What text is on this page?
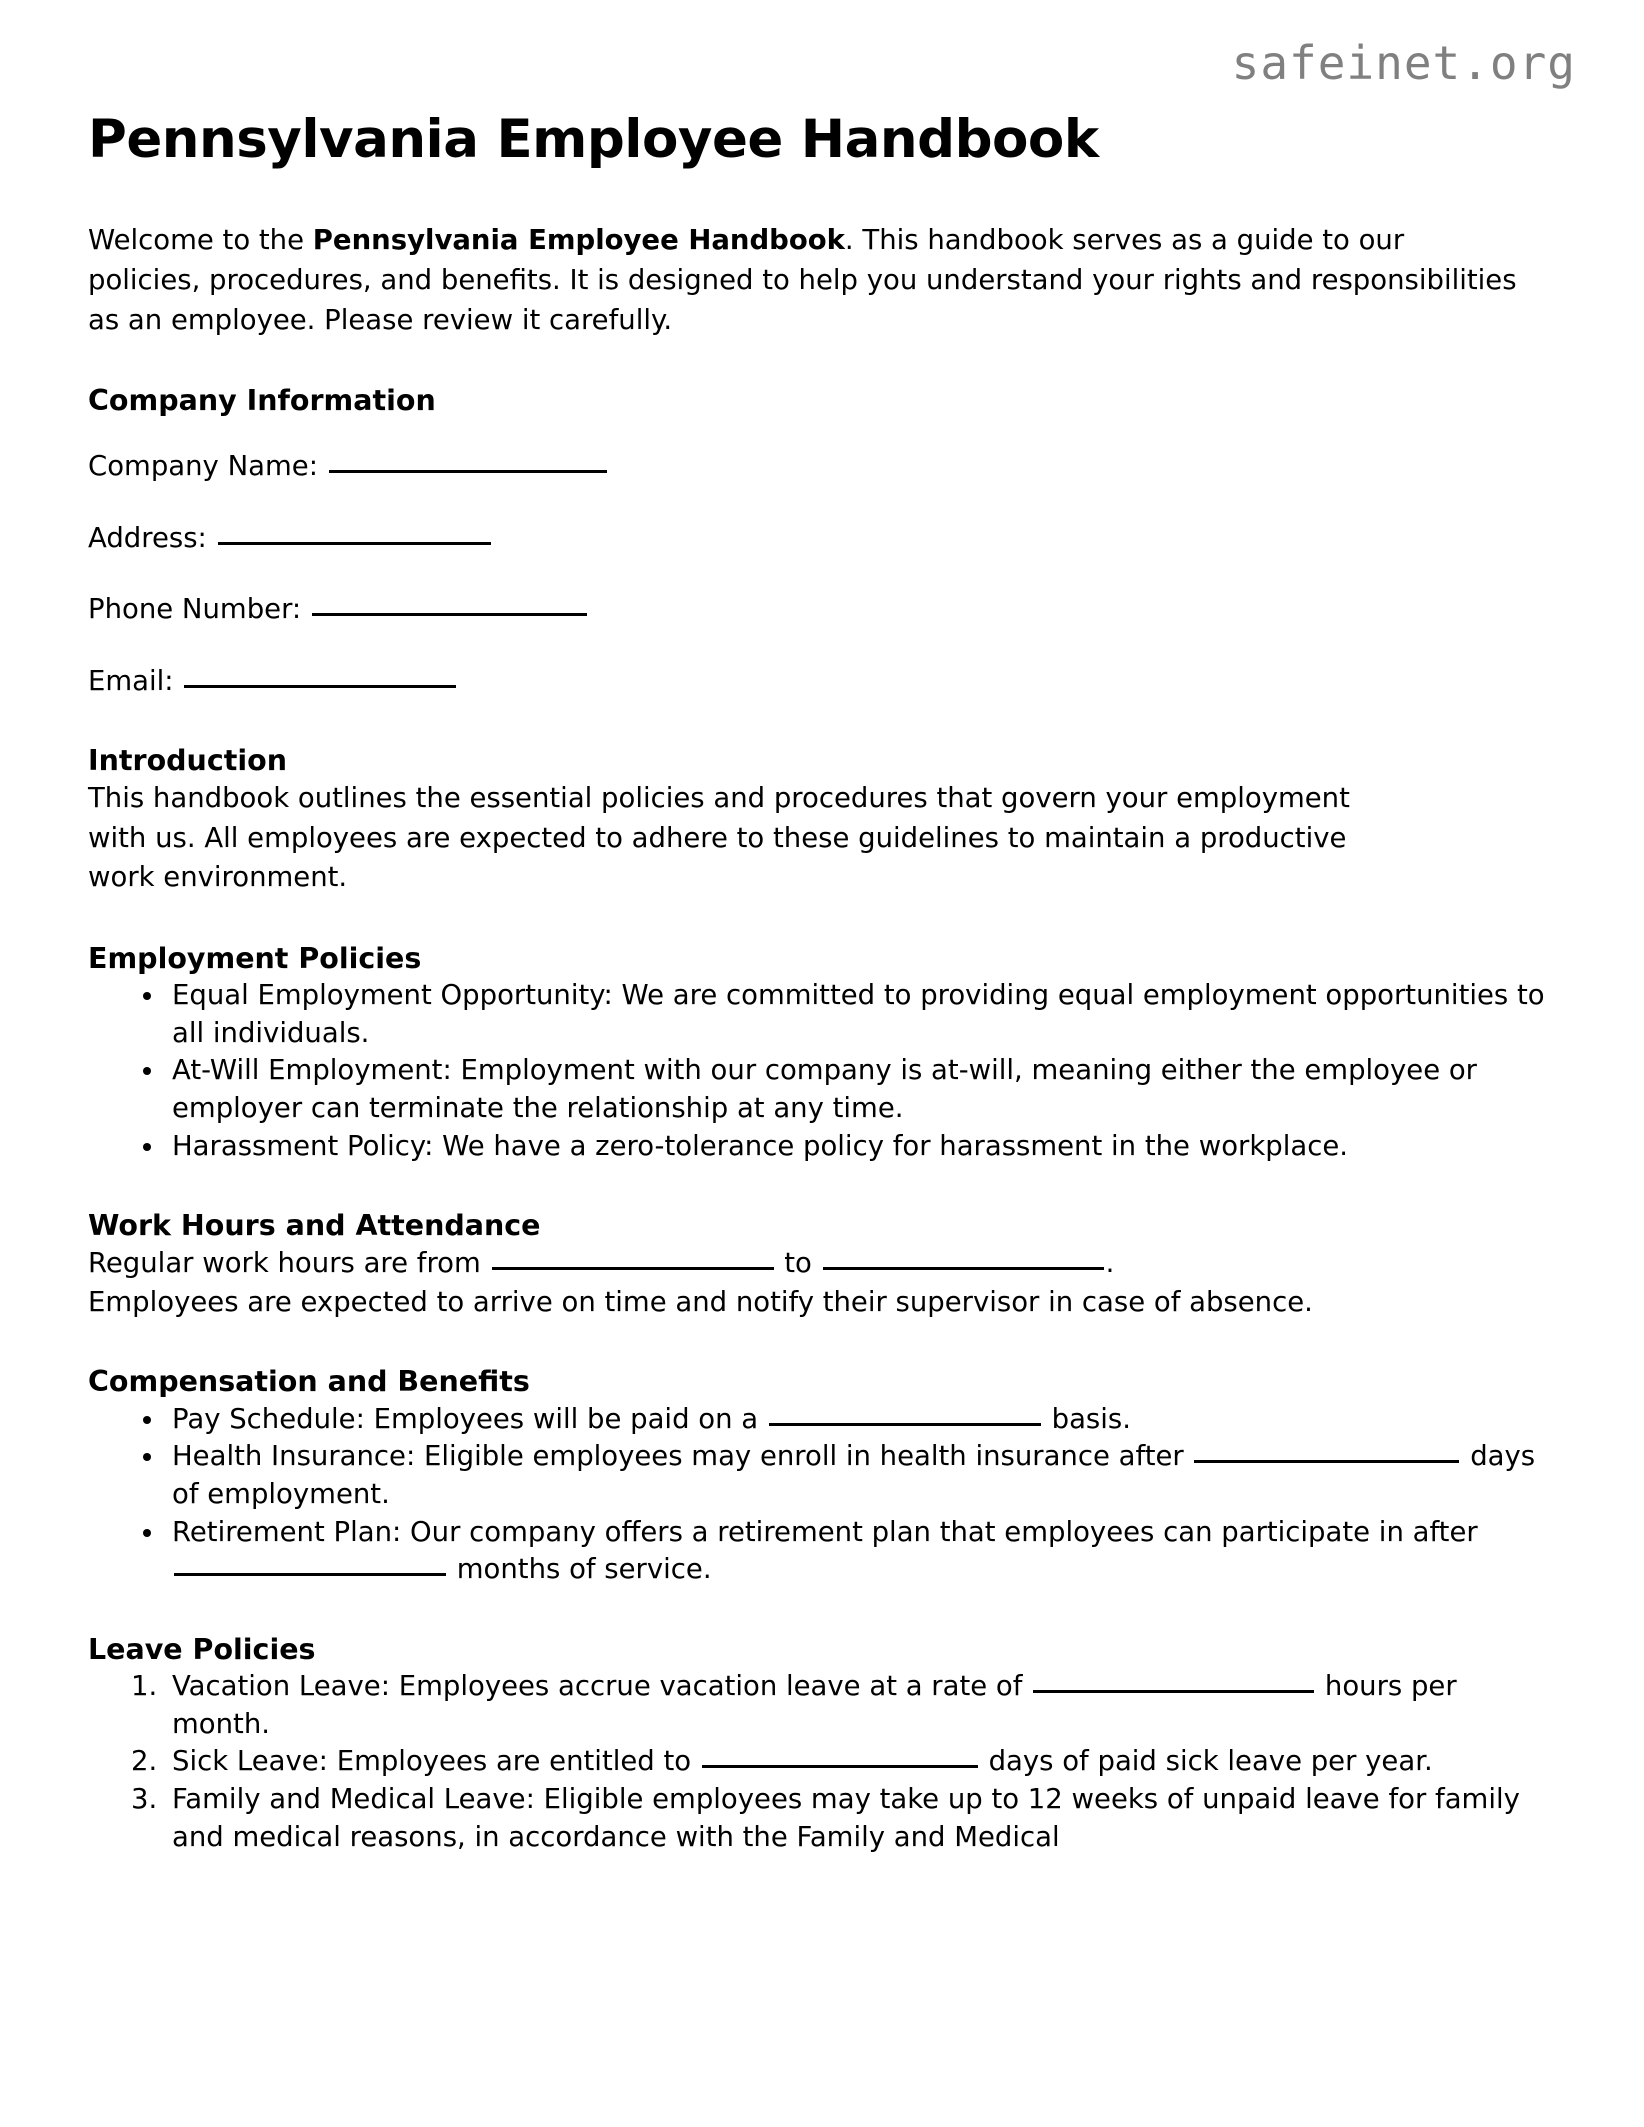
safeinet.org
Pennsylvania Employee Handbook

Welcome to the Pennsylvania Employee Handbook. This handbook serves as a guide to our policies, procedures, and benefits. It is designed to help you understand your rights and responsibilities as an employee. Please review it carefully.

Company Information
Company Name:
Address:
Phone Number:
Email:
Introduction

This handbook outlines the essential policies and procedures that govern your employment with us. All employees are expected to adhere to these guidelines to maintain a productive work environment.

Employment Policies
• Equal Employment Opportunity: We are committed to providing equal employment opportunities to all individuals.
• At-Will Employment: Employment with our company is at-will, meaning either the employee or employer can terminate the relationship at any time.
• Harassment Policy: We have a zero-tolerance policy for harassment in the workplace.
Work Hours and Attendance

Regular work hours are from	to	.
Employees are expected to arrive on time and notify their supervisor in case of absence.

Compensation and Benefits
• Pay Schedule: Employees will be paid on a	basis.
• Health Insurance: Eligible employees may enroll in health insurance after	days of employment.
• Retirement Plan: Our company offers a retirement plan that employees can participate in after  months of service.
Leave Policies
1. Vacation Leave: Employees accrue vacation leave at a rate of	hours per month.
2. Sick Leave: Employees are entitled to	days of paid sick leave per year.
3. Family and Medical Leave: Eligible employees may take up to 12 weeks of unpaid leave for family and medical reasons, in accordance with the Family and Medical
